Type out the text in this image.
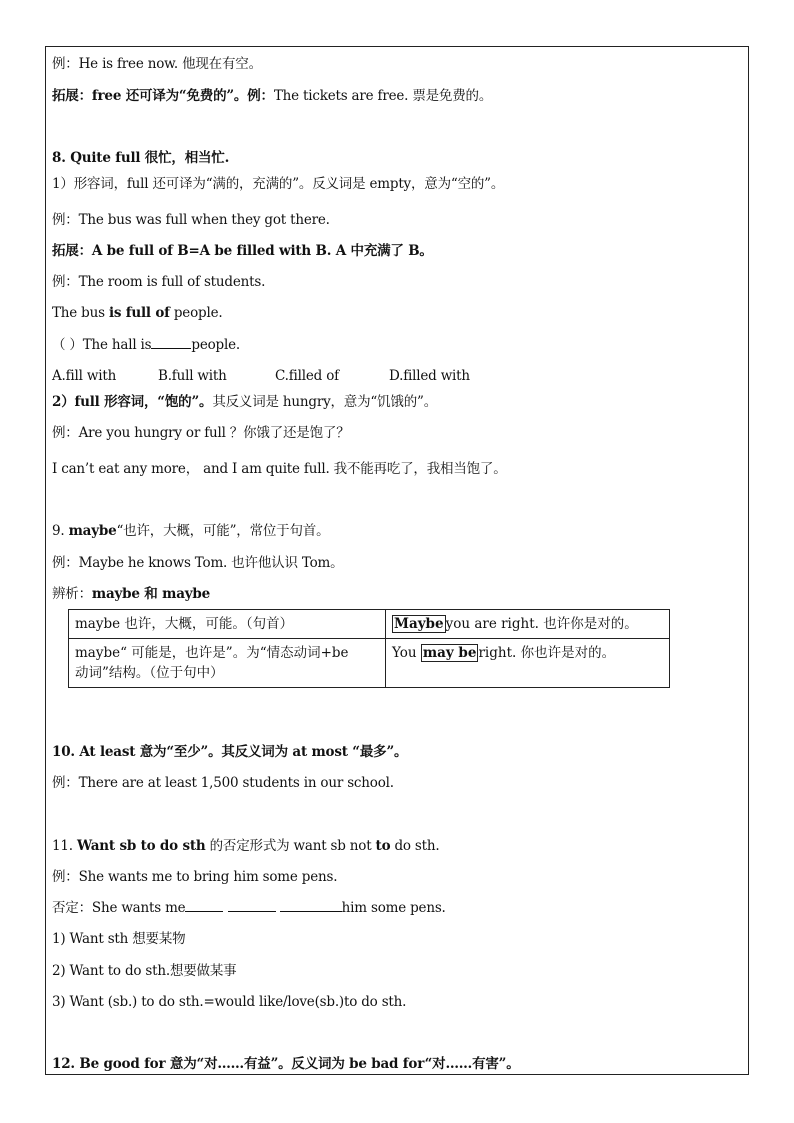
例：He is free now. 他现在有空。
拓展：free 还可译为“免费的”。例：The tickets are free. 票是免费的。
8. Quite full 很忙，相当忙.
1）形容词，full 还可译为“满的，充满的”。反义词是 empty，意为“空的”。
例：The bus was full when they got there.
拓展：A be full of B=A be filled with B. A 中充满了 B。
例：The room is full of students.
The bus is full of people.
（ ）The hall is	people.
A.fill with	B.full with	C.filled of	D.filled with
2）full 形容词，“饱的”。其反义词是 hungry，意为“饥饿的”。
例：Are you hungry or full ？你饿了还是饱了？
I can’t eat any more， and I am quite full. 我不能再吃了，我相当饱了。
9. maybe“也许，大概，可能”，常位于句首。
例：Maybe he knows Tom. 也许他认识 Tom。
辨析：maybe 和 maybe
maybe 也许，大概，可能。（句首）	Maybe you are right. 也许你是对的。

maybe“ 可能是，也许是”。为“情态动词+be
动词”结构。（位于句中）	You may be right. 你也许是对的。
10. At least 意为“至少”。其反义词为 at most “最多”。
例：There are at least 1,500 students in our school.
11. Want sb to do sth 的否定形式为 want sb not to do sth.
例：She wants me to bring him some pens.
否定：She wants me	him some pens.
1) Want sth 想要某物
2) Want to do sth.想要做某事
3) Want (sb.) to do sth.=would like/love(sb.)to do sth.
12. Be good for 意为“对……有益”。反义词为 be bad for“对……有害”。
